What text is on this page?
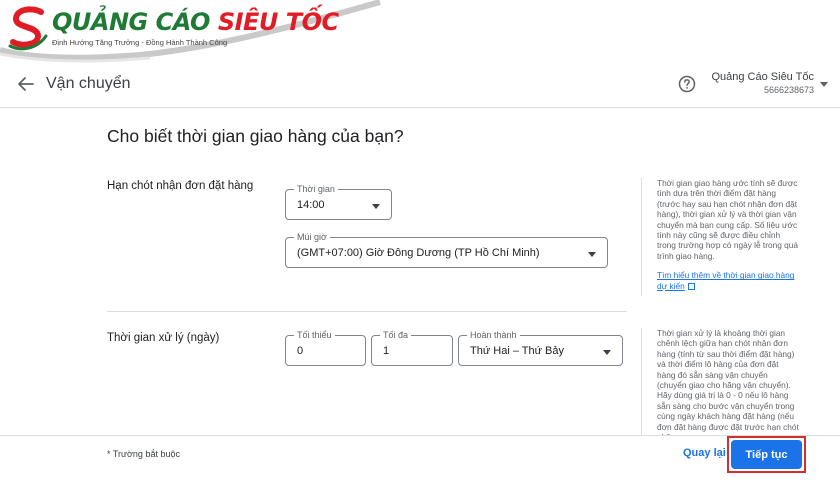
QUẢNG CÁO SIÊU TỐC
Định Hướng Tăng Trưởng - Đồng Hành Thành Công
Vận chuyển	Quảng Cáo Siêu Tốc
5666238673
Cho biết thời gian giao hàng của bạn?
Hạn chót nhận đơn đặt hàng	Thời gian
14:00
Múi giờ
(GMT+07:00) Giờ Đông Dương (TP Hồ Chí Minh)
Thời gian giao hàng ước tính sẽ được tính dựa trên thời điểm đặt hàng (trước hay sau hạn chót nhận đơn đặt hàng), thời gian xử lý và thời gian vận chuyển mà bạn cung cấp. Số liệu ước tính này cũng sẽ được điều chỉnh trong trường hợp có ngày lễ trong quá trình giao hàng.
Tìm hiểu thêm về thời gian giao hàng dự kiến
Thời gian xử lý (ngày)	Tối thiểu
0
Tối đa
1
Hoàn thành
Thứ Hai – Thứ Bảy
Thời gian xử lý là khoảng thời gian chênh lệch giữa hạn chót nhận đơn hàng (tính từ sau thời điểm đặt hàng) và thời điểm lô hàng của đơn đặt hàng đó sẵn sàng vận chuyển (chuyển giao cho hãng vận chuyển). Hãy dùng giá trị là 0 - 0 nếu lô hàng sẵn sàng cho bước vận chuyển trong cùng ngày khách hàng đặt hàng (nếu đơn đặt hàng được đặt trước hạn chót
* Trường bắt buộc	Quay lại	Tiếp tục
